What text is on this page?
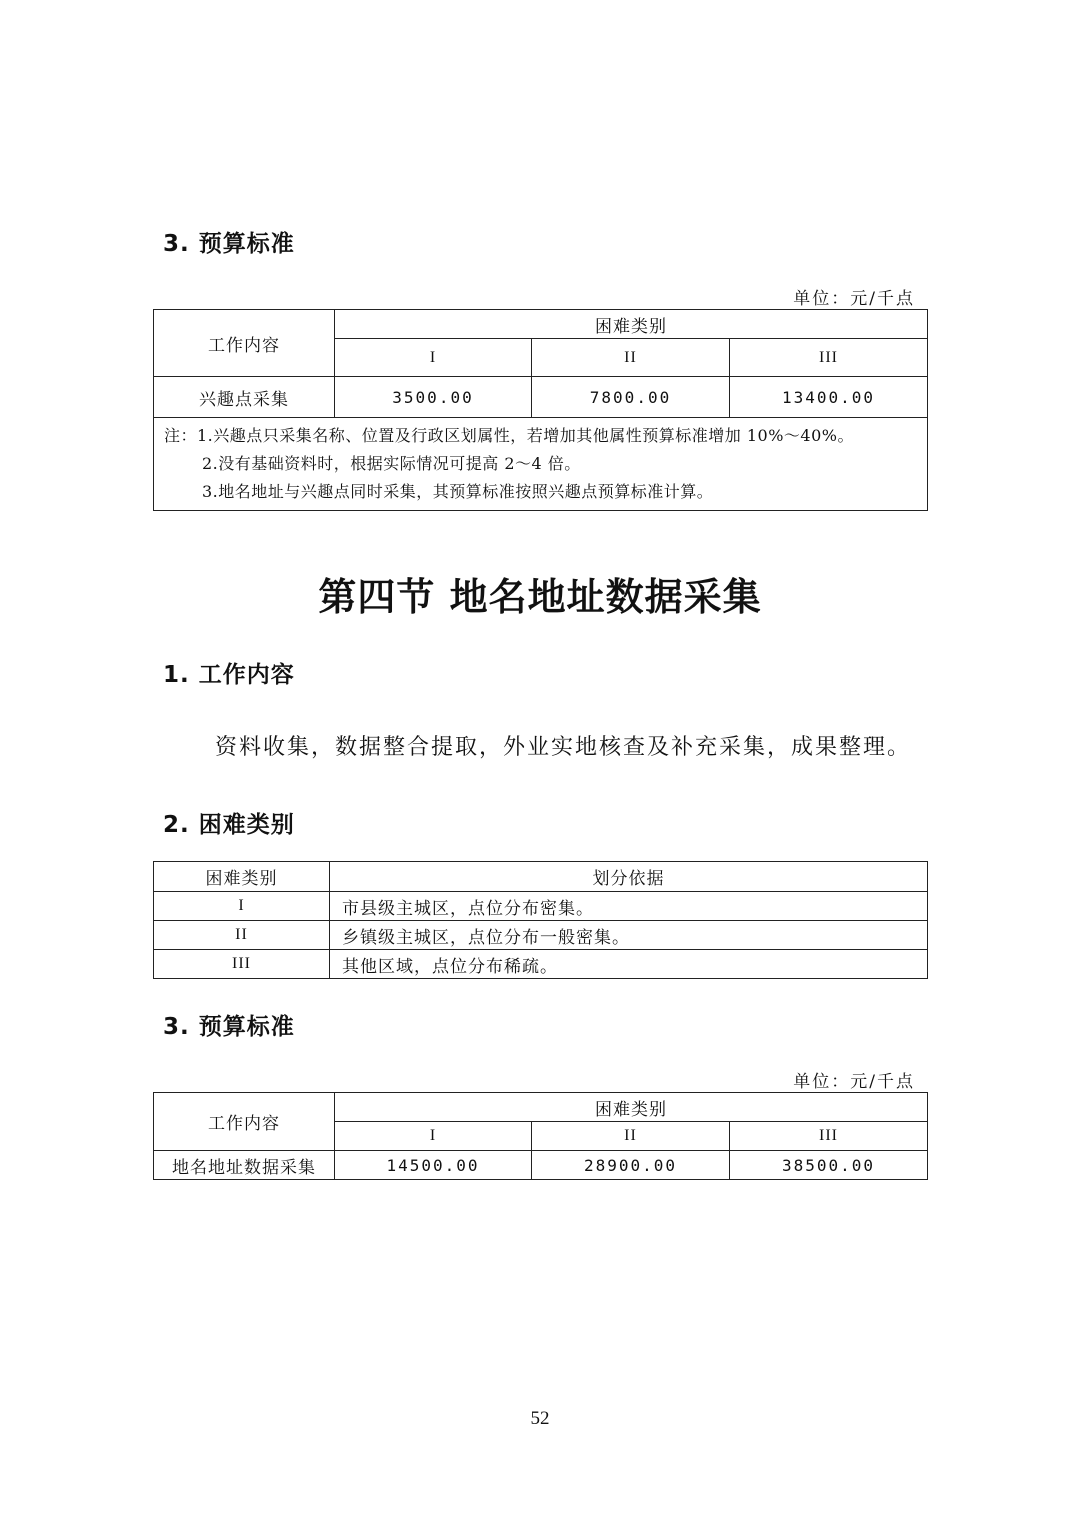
3. 预算标准
单位：元/千点
工作内容	困难类别		
	I	II	III
兴趣点采集	3500.00	7800.00	13400.00

注：1.兴趣点只采集名称、位置及行政区划属性，若增加其他属性预算标准增加 10%～40%。
2.没有基础资料时，根据实际情况可提高 2～4 倍。
3.地名地址与兴趣点同时采集，其预算标准按照兴趣点预算标准计算。			
第四节 地名地址数据采集
1. 工作内容
资料收集，数据整合提取，外业实地核查及补充采集，成果整理。
2. 困难类别
困难类别	划分依据
I	市县级主城区，点位分布密集。
II	乡镇级主城区，点位分布一般密集。
III	其他区域，点位分布稀疏。
3. 预算标准
单位：元/千点
工作内容	困难类别		
	I	II	III
地名地址数据采集	14500.00	28900.00	38500.00
52
